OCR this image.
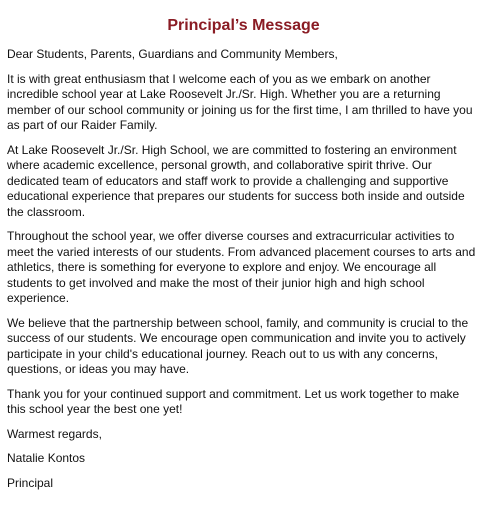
Principal’s Message

Dear Students, Parents, Guardians and Community Members,

It is with great enthusiasm that I welcome each of you as we embark on another incredible school year at Lake Roosevelt Jr./Sr. High. Whether you are a returning member of our school community or joining us for the first time, I am thrilled to have you as part of our Raider Family.

At Lake Roosevelt Jr./Sr. High School, we are committed to fostering an environment where academic excellence, personal growth, and collaborative spirit thrive. Our dedicated team of educators and staff work to provide a challenging and supportive educational experience that prepares our students for success both inside and outside the classroom.

Throughout the school year, we offer diverse courses and extracurricular activities to meet the varied interests of our students. From advanced placement courses to arts and athletics, there is something for everyone to explore and enjoy. We encourage all students to get involved and make the most of their junior high and high school experience.

We believe that the partnership between school, family, and community is crucial to the success of our students. We encourage open communication and invite you to actively participate in your child's educational journey. Reach out to us with any concerns, questions, or ideas you may have.

Thank you for your continued support and commitment. Let us work together to make this school year the best one yet!

Warmest regards,

Natalie Kontos

Principal
